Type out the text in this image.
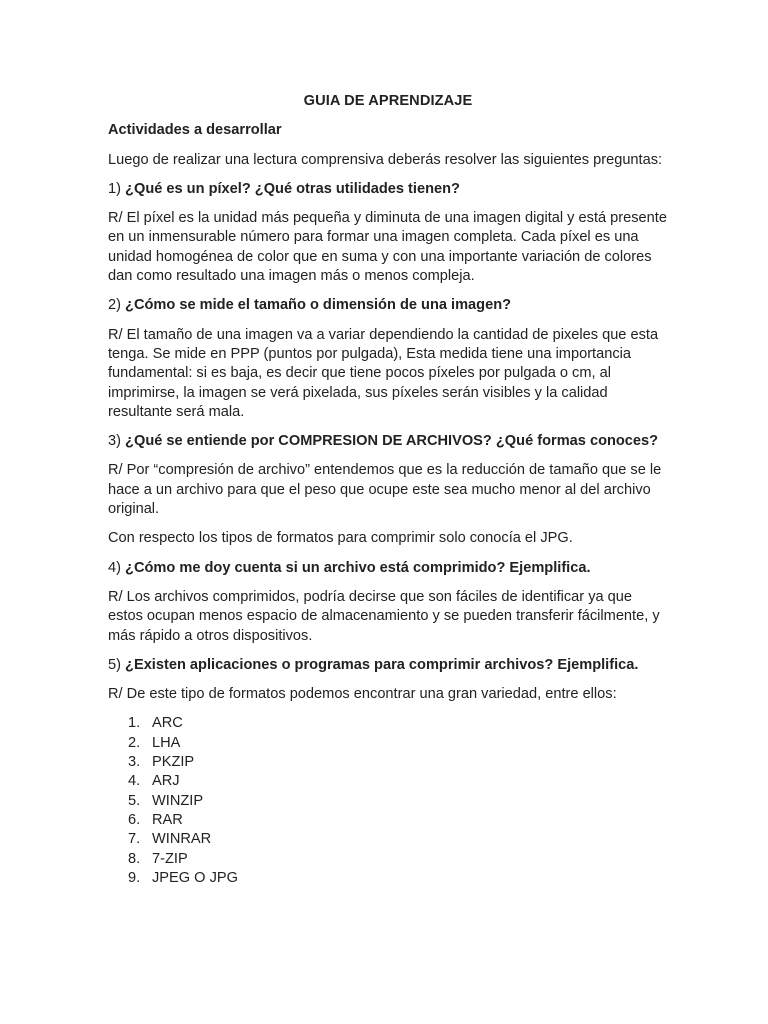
GUIA DE APRENDIZAJE
Actividades a desarrollar

Luego de realizar una lectura comprensiva deberás resolver las siguientes preguntas:

1) ¿Qué es un píxel? ¿Qué otras utilidades tienen?

R/ El píxel es la unidad más pequeña y diminuta de una imagen digital y está presente en un inmensurable número para formar una imagen completa. Cada píxel es una unidad homogénea de color que en suma y con una importante variación de colores dan como resultado una imagen más o menos compleja.

2) ¿Cómo se mide el tamaño o dimensión de una imagen?

R/ El tamaño de una imagen va a variar dependiendo la cantidad de pixeles que esta tenga. Se mide en PPP (puntos por pulgada), Esta medida tiene una importancia fundamental: si es baja, es decir que tiene pocos píxeles por pulgada o cm, al imprimirse, la imagen se verá pixelada, sus píxeles serán visibles y la calidad resultante será mala.

3) ¿Qué se entiende por COMPRESION DE ARCHIVOS? ¿Qué formas conoces?

R/ Por “compresión de archivo” entendemos que es la reducción de tamaño que se le hace a un archivo para que el peso que ocupe este sea mucho menor al del archivo original.

Con respecto los tipos de formatos para comprimir solo conocía el JPG.

4) ¿Cómo me doy cuenta si un archivo está comprimido? Ejemplifica.

R/ Los archivos comprimidos, podría decirse que son fáciles de identificar ya que estos ocupan menos espacio de almacenamiento y se pueden transferir fácilmente, y más rápido a otros dispositivos.

5) ¿Existen aplicaciones o programas para comprimir archivos? Ejemplifica.

R/ De este tipo de formatos podemos encontrar una gran variedad, entre ellos:

1. ARC
2. LHA
3. PKZIP
4. ARJ
5. WINZIP
6. RAR
7. WINRAR
8. 7-ZIP
9. JPEG O JPG
